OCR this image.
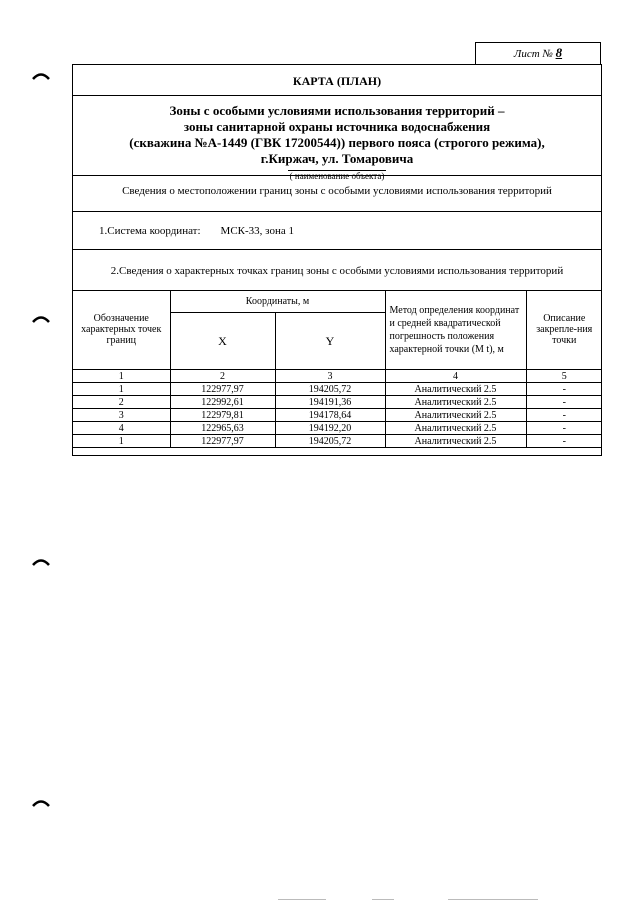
Лист № 8
КАРТА (ПЛАН)
Зоны с особыми условиями использования территорий –
зоны санитарной охраны источника водоснабжения
(скважина №А-1449 (ГВК 17200544)) первого пояса (строгого режима),
г.Киржач, ул. Томаровича
( наименование объекта)
Сведения о местоположении границ зоны с особыми условиями использования территорий
1.Система координат: МСК-33, зона 1
2.Сведения о характерных точках границ зоны с особыми условиями использования территорий
Обозначение характерных точек границ	Координаты, м		Метод определения координат и средней квадратической погрешность положения характерной точки (M t), м	Описание закрепле-ния точки
	X	Y		
1	2	3	4	5
1	122977,97	194205,72	Аналитический 2.5	-
2	122992,61	194191,36	Аналитический 2.5	-
3	122979,81	194178,64	Аналитический 2.5	-
4	122965,63	194192,20	Аналитический 2.5	-
1	122977,97	194205,72	Аналитический 2.5	-
